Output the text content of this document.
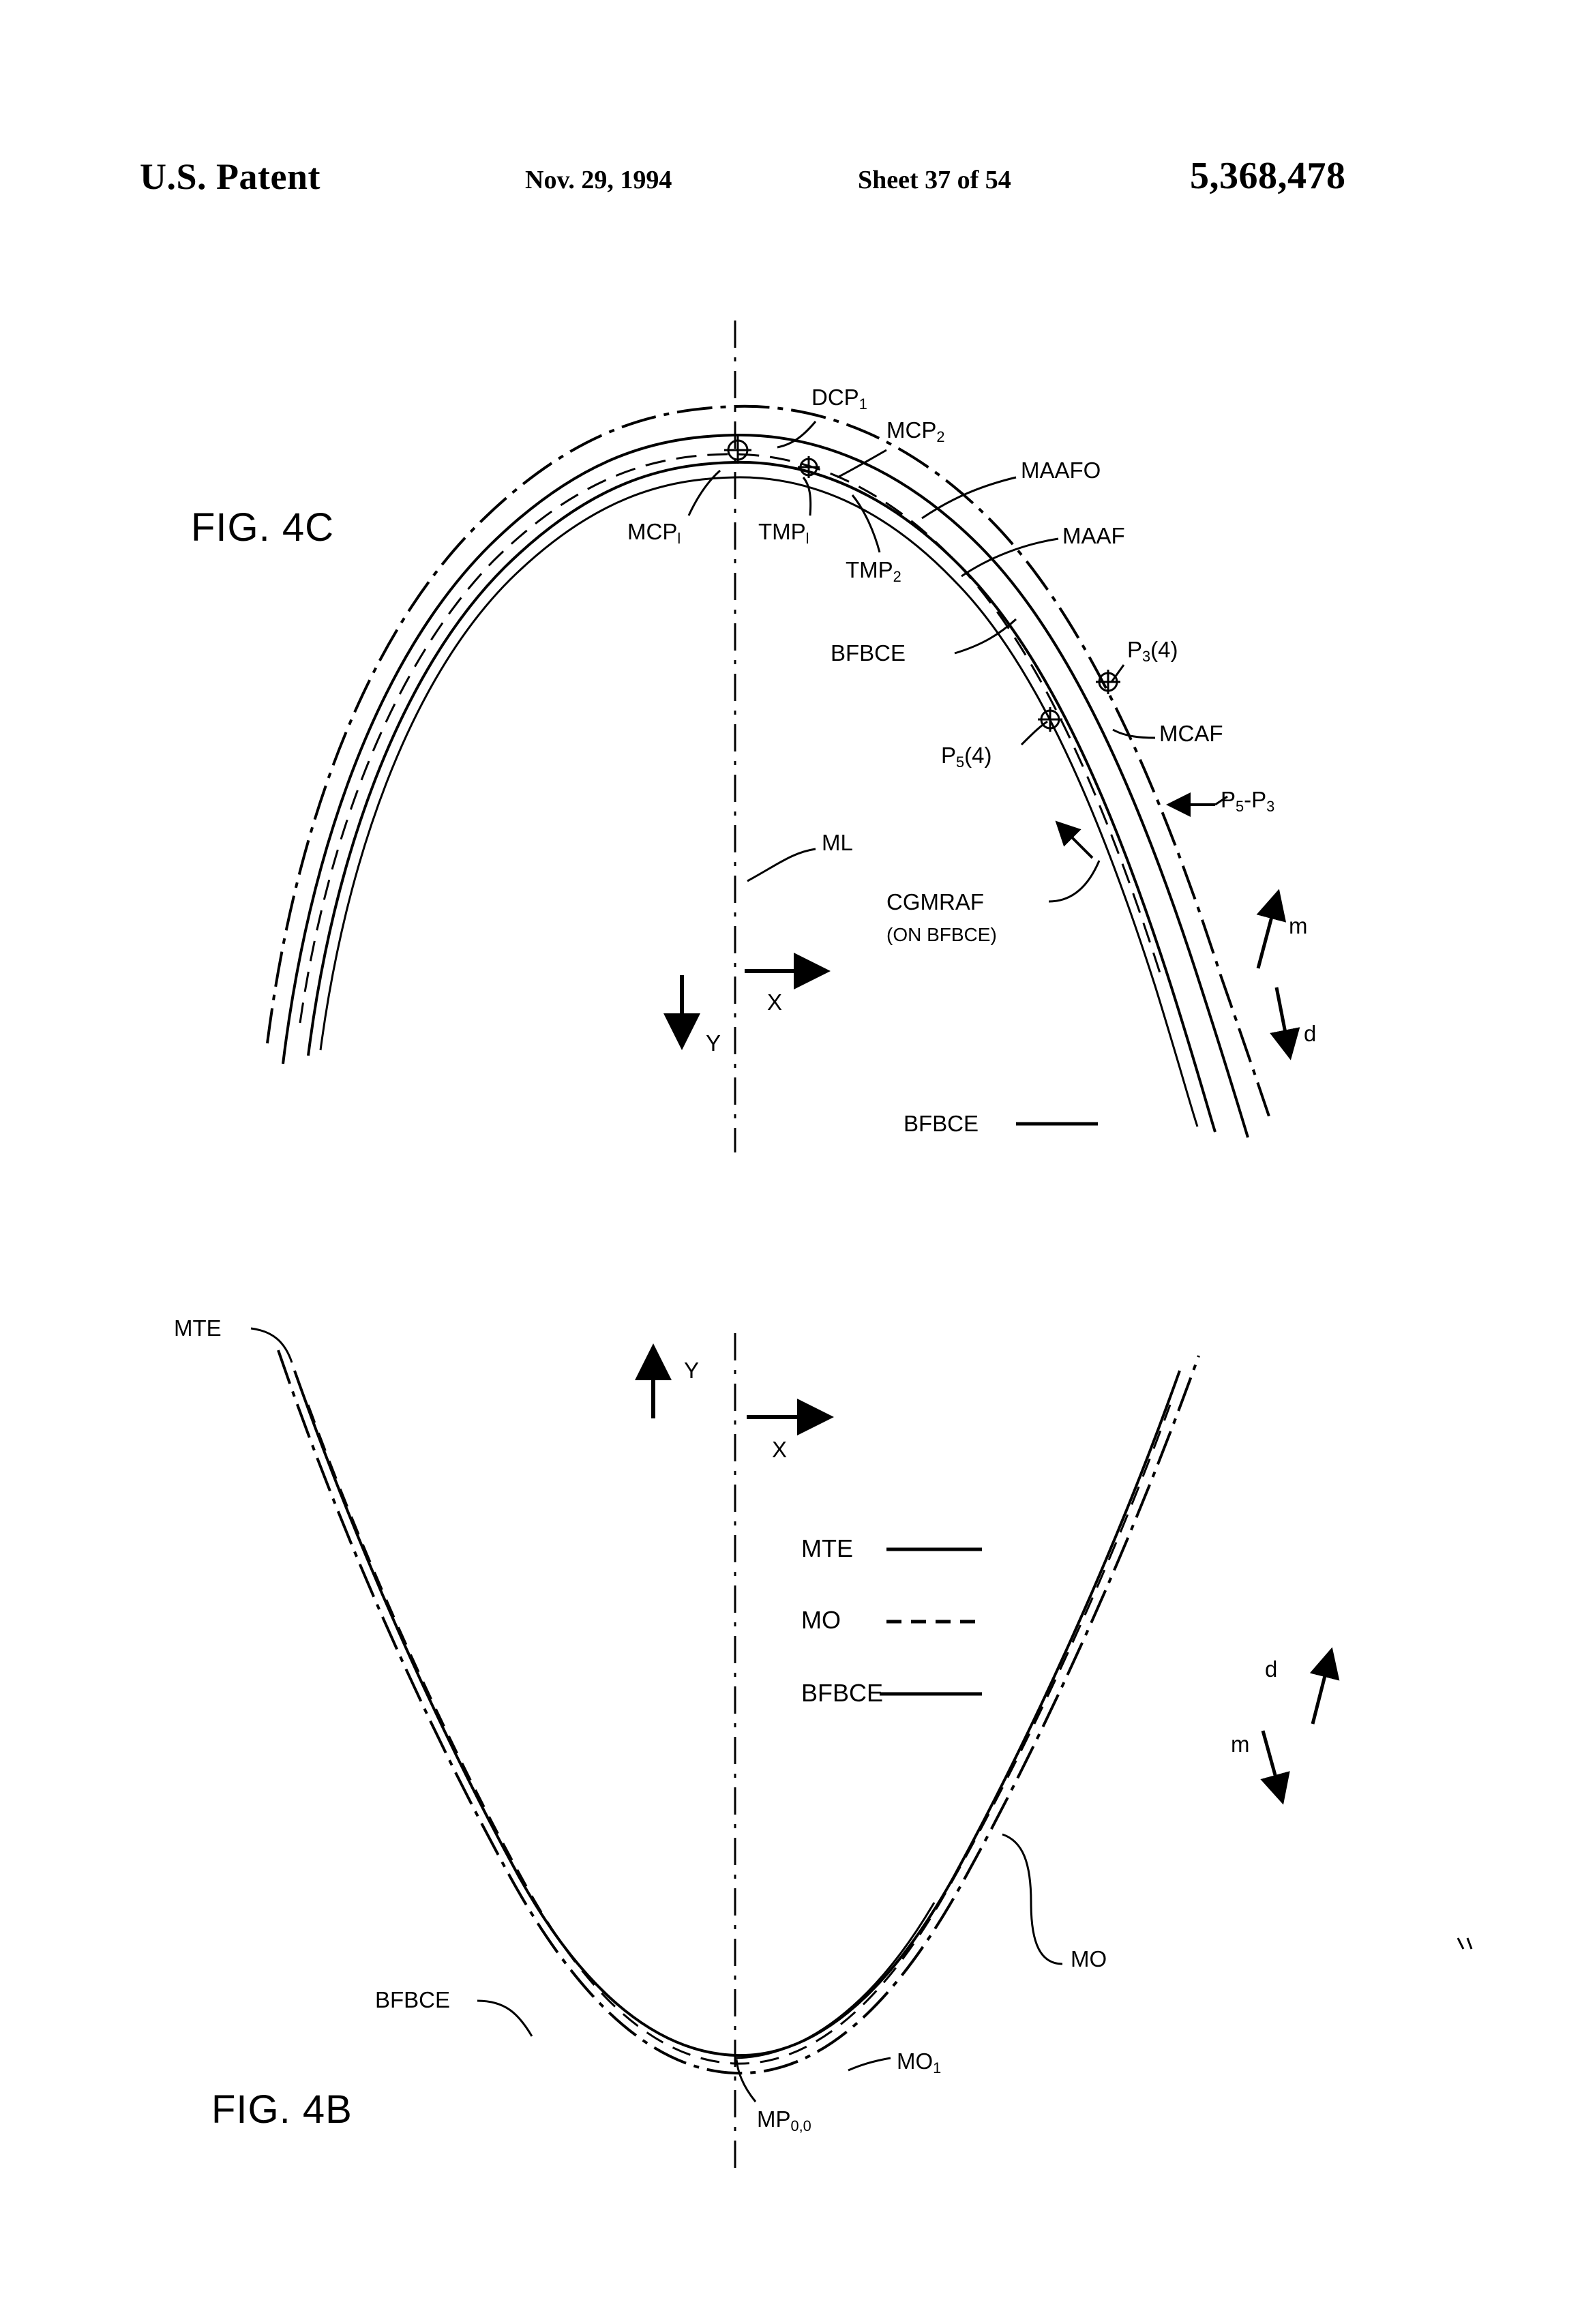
U.S. Patent	Nov. 29, 1994	Sheet 37 of 54	5,368,478
FIG. 4C
FIG. 4B
$DCP_1$
$MCP_2$
MAAFO
MAAF
$MCP_l$	$TMP_l$
$TMP_2$
BFBCE	$P_3(4)$
$P_5(4)$
MCAF
$P_5-P_3$
ML
CGMRAF
(ON BFBCE)
X
Y
m
d
BFBCE
MTE
Y
X
d
m
MO
$MO_1$
BFBCE
$MP_{0,0}$
MTE
MO
BFBCE
